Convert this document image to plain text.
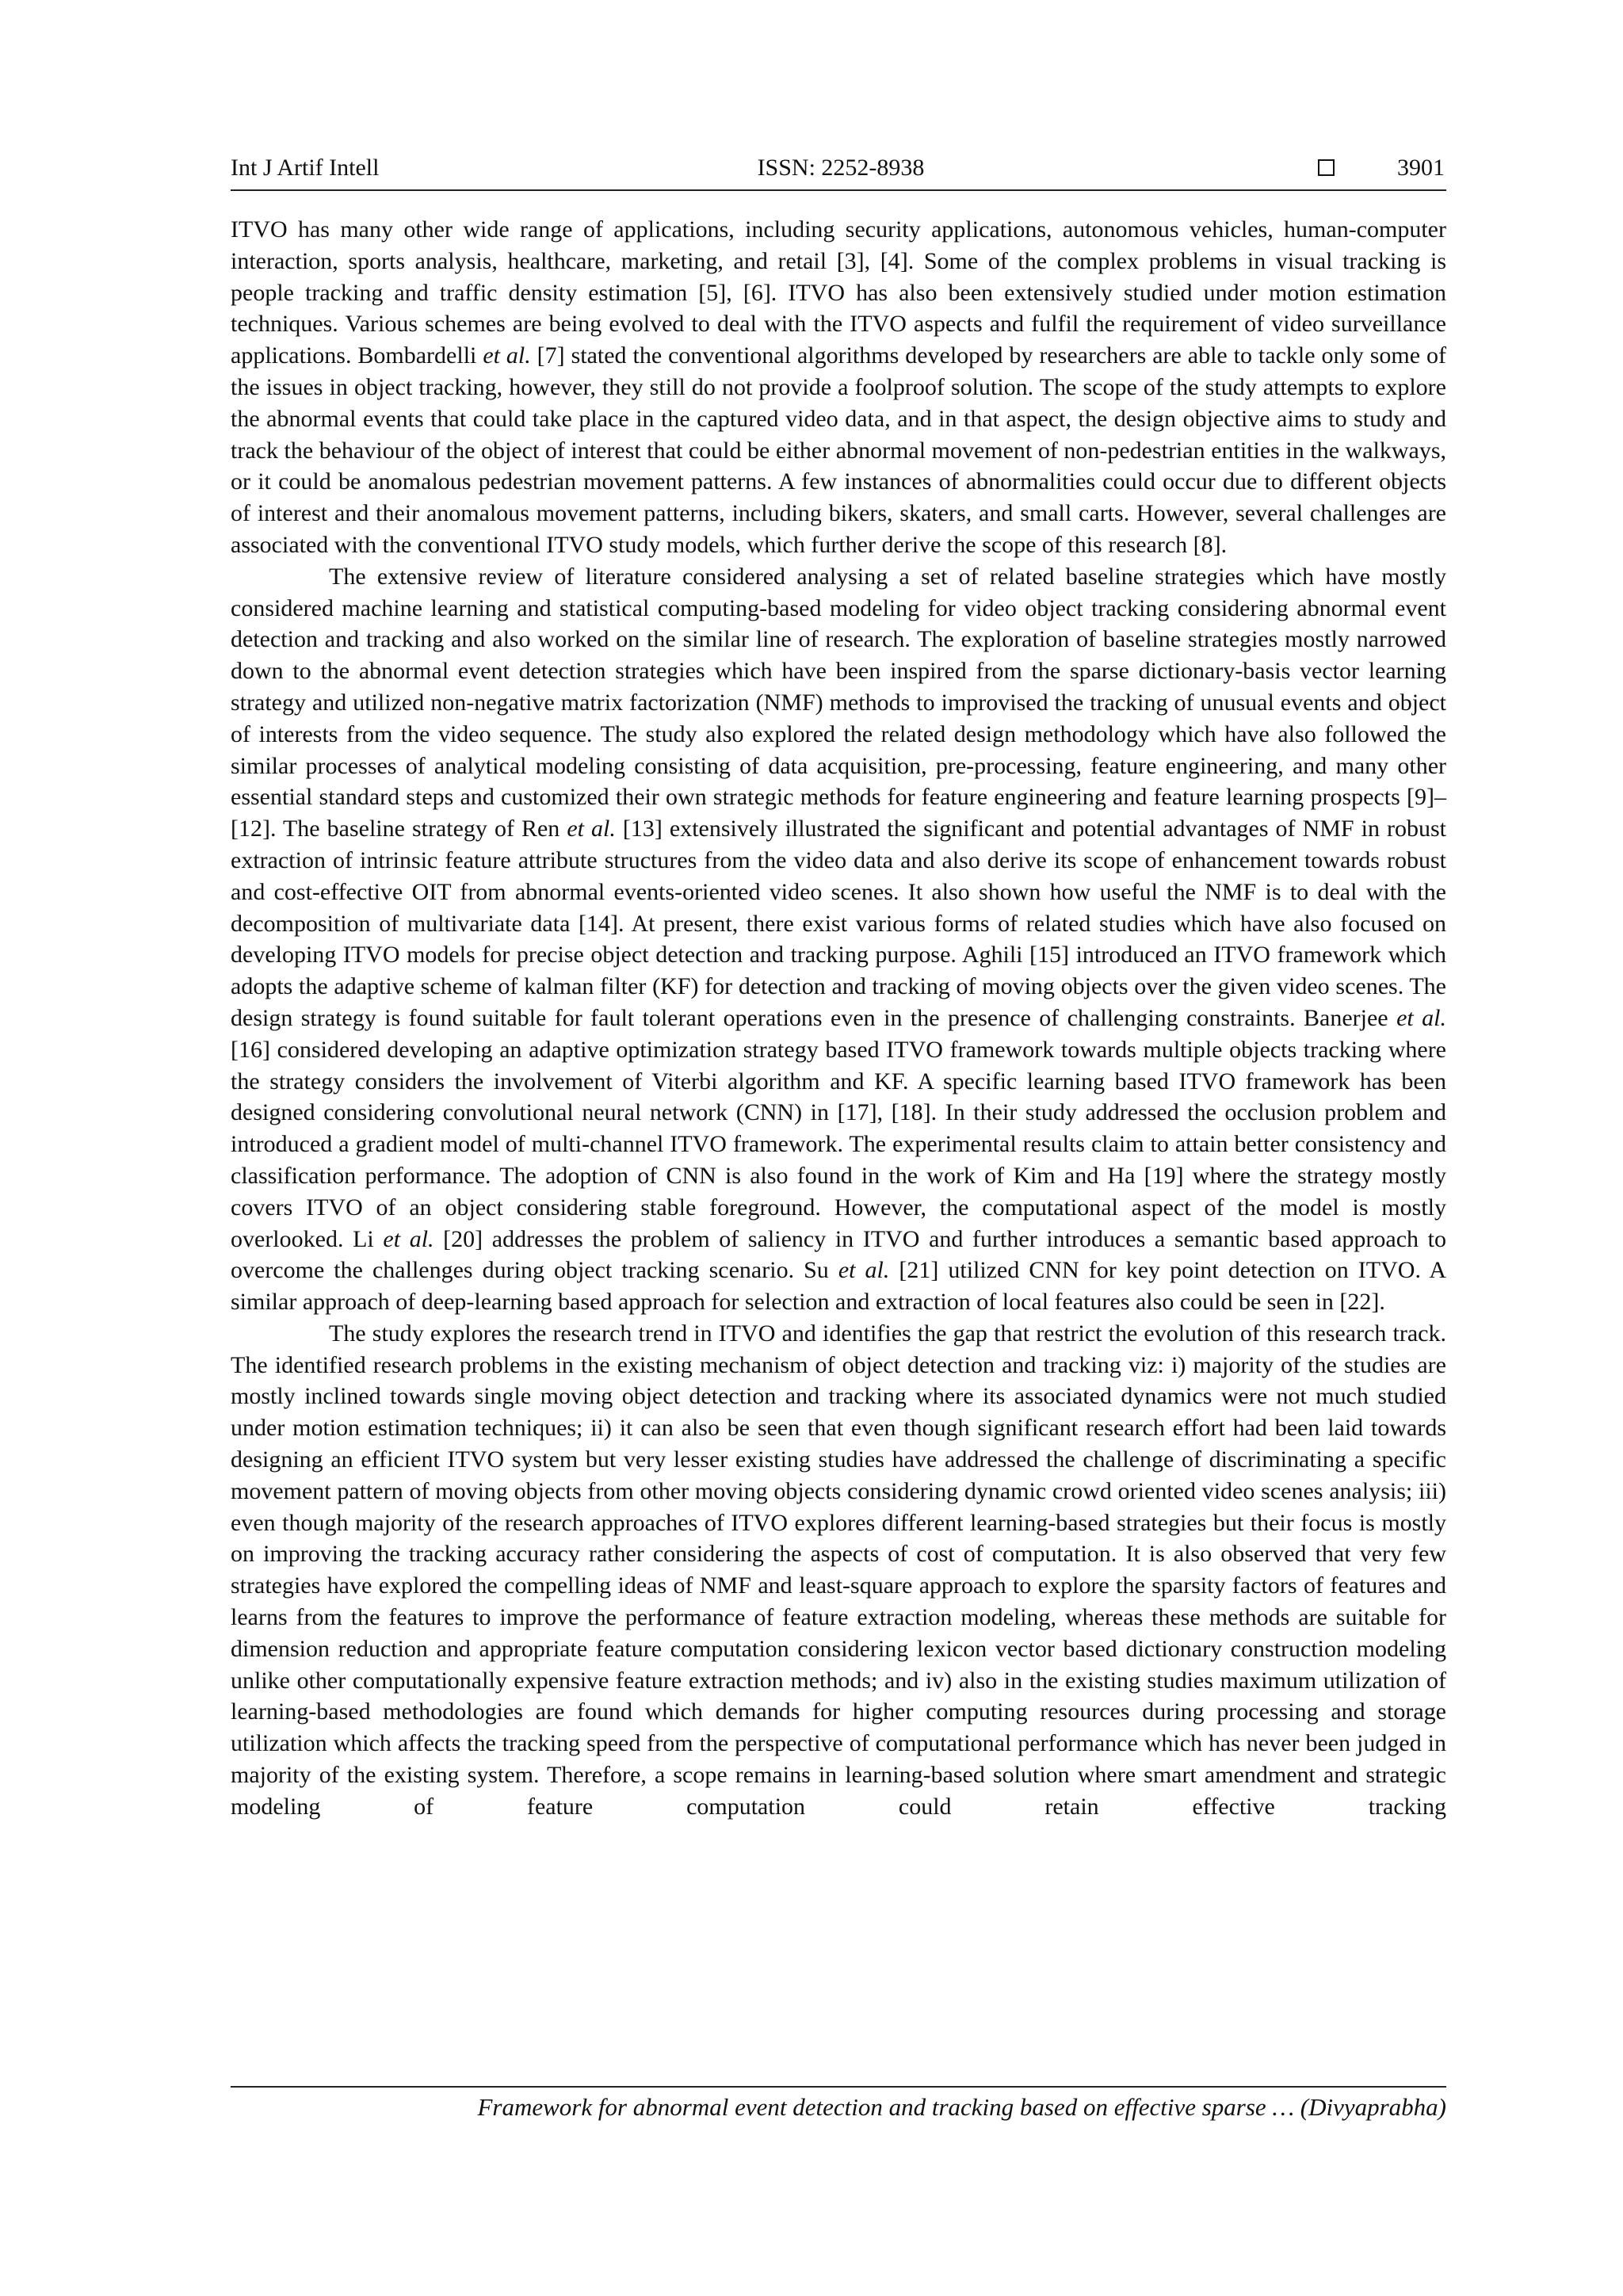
Int J Artif Intell	ISSN: 2252-8938	3901

ITVO has many other wide range of applications, including security applications, autonomous vehicles, human-computer interaction, sports analysis, healthcare, marketing, and retail [3], [4]. Some of the complex problems in visual tracking is people tracking and traffic density estimation [5], [6]. ITVO has also been extensively studied under motion estimation techniques. Various schemes are being evolved to deal with the ITVO aspects and fulfil the requirement of video surveillance applications. Bombardelli et al. [7] stated the conventional algorithms developed by researchers are able to tackle only some of the issues in object tracking, however, they still do not provide a foolproof solution. The scope of the study attempts to explore the abnormal events that could take place in the captured video data, and in that aspect, the design objective aims to study and track the behaviour of the object of interest that could be either abnormal movement of non-pedestrian entities in the walkways, or it could be anomalous pedestrian movement patterns. A few instances of abnormalities could occur due to different objects of interest and their anomalous movement patterns, including bikers, skaters, and small carts. However, several challenges are associated with the conventional ITVO study models, which further derive the scope of this research [8].

The extensive review of literature considered analysing a set of related baseline strategies which have mostly considered machine learning and statistical computing-based modeling for video object tracking considering abnormal event detection and tracking and also worked on the similar line of research. The exploration of baseline strategies mostly narrowed down to the abnormal event detection strategies which have been inspired from the sparse dictionary-basis vector learning strategy and utilized non-negative matrix factorization (NMF) methods to improvised the tracking of unusual events and object of interests from the video sequence. The study also explored the related design methodology which have also followed the similar processes of analytical modeling consisting of data acquisition, pre-processing, feature engineering, and many other essential standard steps and customized their own strategic methods for feature engineering and feature learning prospects [9]–[12]. The baseline strategy of Ren et al. [13] extensively illustrated the significant and potential advantages of NMF in robust extraction of intrinsic feature attribute structures from the video data and also derive its scope of enhancement towards robust and cost-effective OIT from abnormal events-oriented video scenes. It also shown how useful the NMF is to deal with the decomposition of multivariate data [14]. At present, there exist various forms of related studies which have also focused on developing ITVO models for precise object detection and tracking purpose. Aghili [15] introduced an ITVO framework which adopts the adaptive scheme of kalman filter (KF) for detection and tracking of moving objects over the given video scenes. The design strategy is found suitable for fault tolerant operations even in the presence of challenging constraints. Banerjee et al. [16] considered developing an adaptive optimization strategy based ITVO framework towards multiple objects tracking where the strategy considers the involvement of Viterbi algorithm and KF. A specific learning based ITVO framework has been designed considering convolutional neural network (CNN) in [17], [18]. In their study addressed the occlusion problem and introduced a gradient model of multi-channel ITVO framework. The experimental results claim to attain better consistency and classification performance. The adoption of CNN is also found in the work of Kim and Ha [19] where the strategy mostly covers ITVO of an object considering stable foreground. However, the computational aspect of the model is mostly overlooked. Li et al. [20] addresses the problem of saliency in ITVO and further introduces a semantic based approach to overcome the challenges during object tracking scenario. Su et al. [21] utilized CNN for key point detection on ITVO. A similar approach of deep-learning based approach for selection and extraction of local features also could be seen in [22].

The study explores the research trend in ITVO and identifies the gap that restrict the evolution of this research track. The identified research problems in the existing mechanism of object detection and tracking viz: i) majority of the studies are mostly inclined towards single moving object detection and tracking where its associated dynamics were not much studied under motion estimation techniques; ii) it can also be seen that even though significant research effort had been laid towards designing an efficient ITVO system but very lesser existing studies have addressed the challenge of discriminating a specific movement pattern of moving objects from other moving objects considering dynamic crowd oriented video scenes analysis; iii) even though majority of the research approaches of ITVO explores different learning-based strategies but their focus is mostly on improving the tracking accuracy rather considering the aspects of cost of computation. It is also observed that very few strategies have explored the compelling ideas of NMF and least-square approach to explore the sparsity factors of features and learns from the features to improve the performance of feature extraction modeling, whereas these methods are suitable for dimension reduction and appropriate feature computation considering lexicon vector based dictionary construction modeling unlike other computationally expensive feature extraction methods; and iv) also in the existing studies maximum utilization of learning-based methodologies are found which demands for higher computing resources during processing and storage utilization which affects the tracking speed from the perspective of computational performance which has never been judged in majority of the existing system. Therefore, a scope remains in learning-based solution where smart amendment and strategic modeling of feature computation could retain effective tracking

Framework for abnormal event detection and tracking based on effective sparse … (Divyaprabha)
